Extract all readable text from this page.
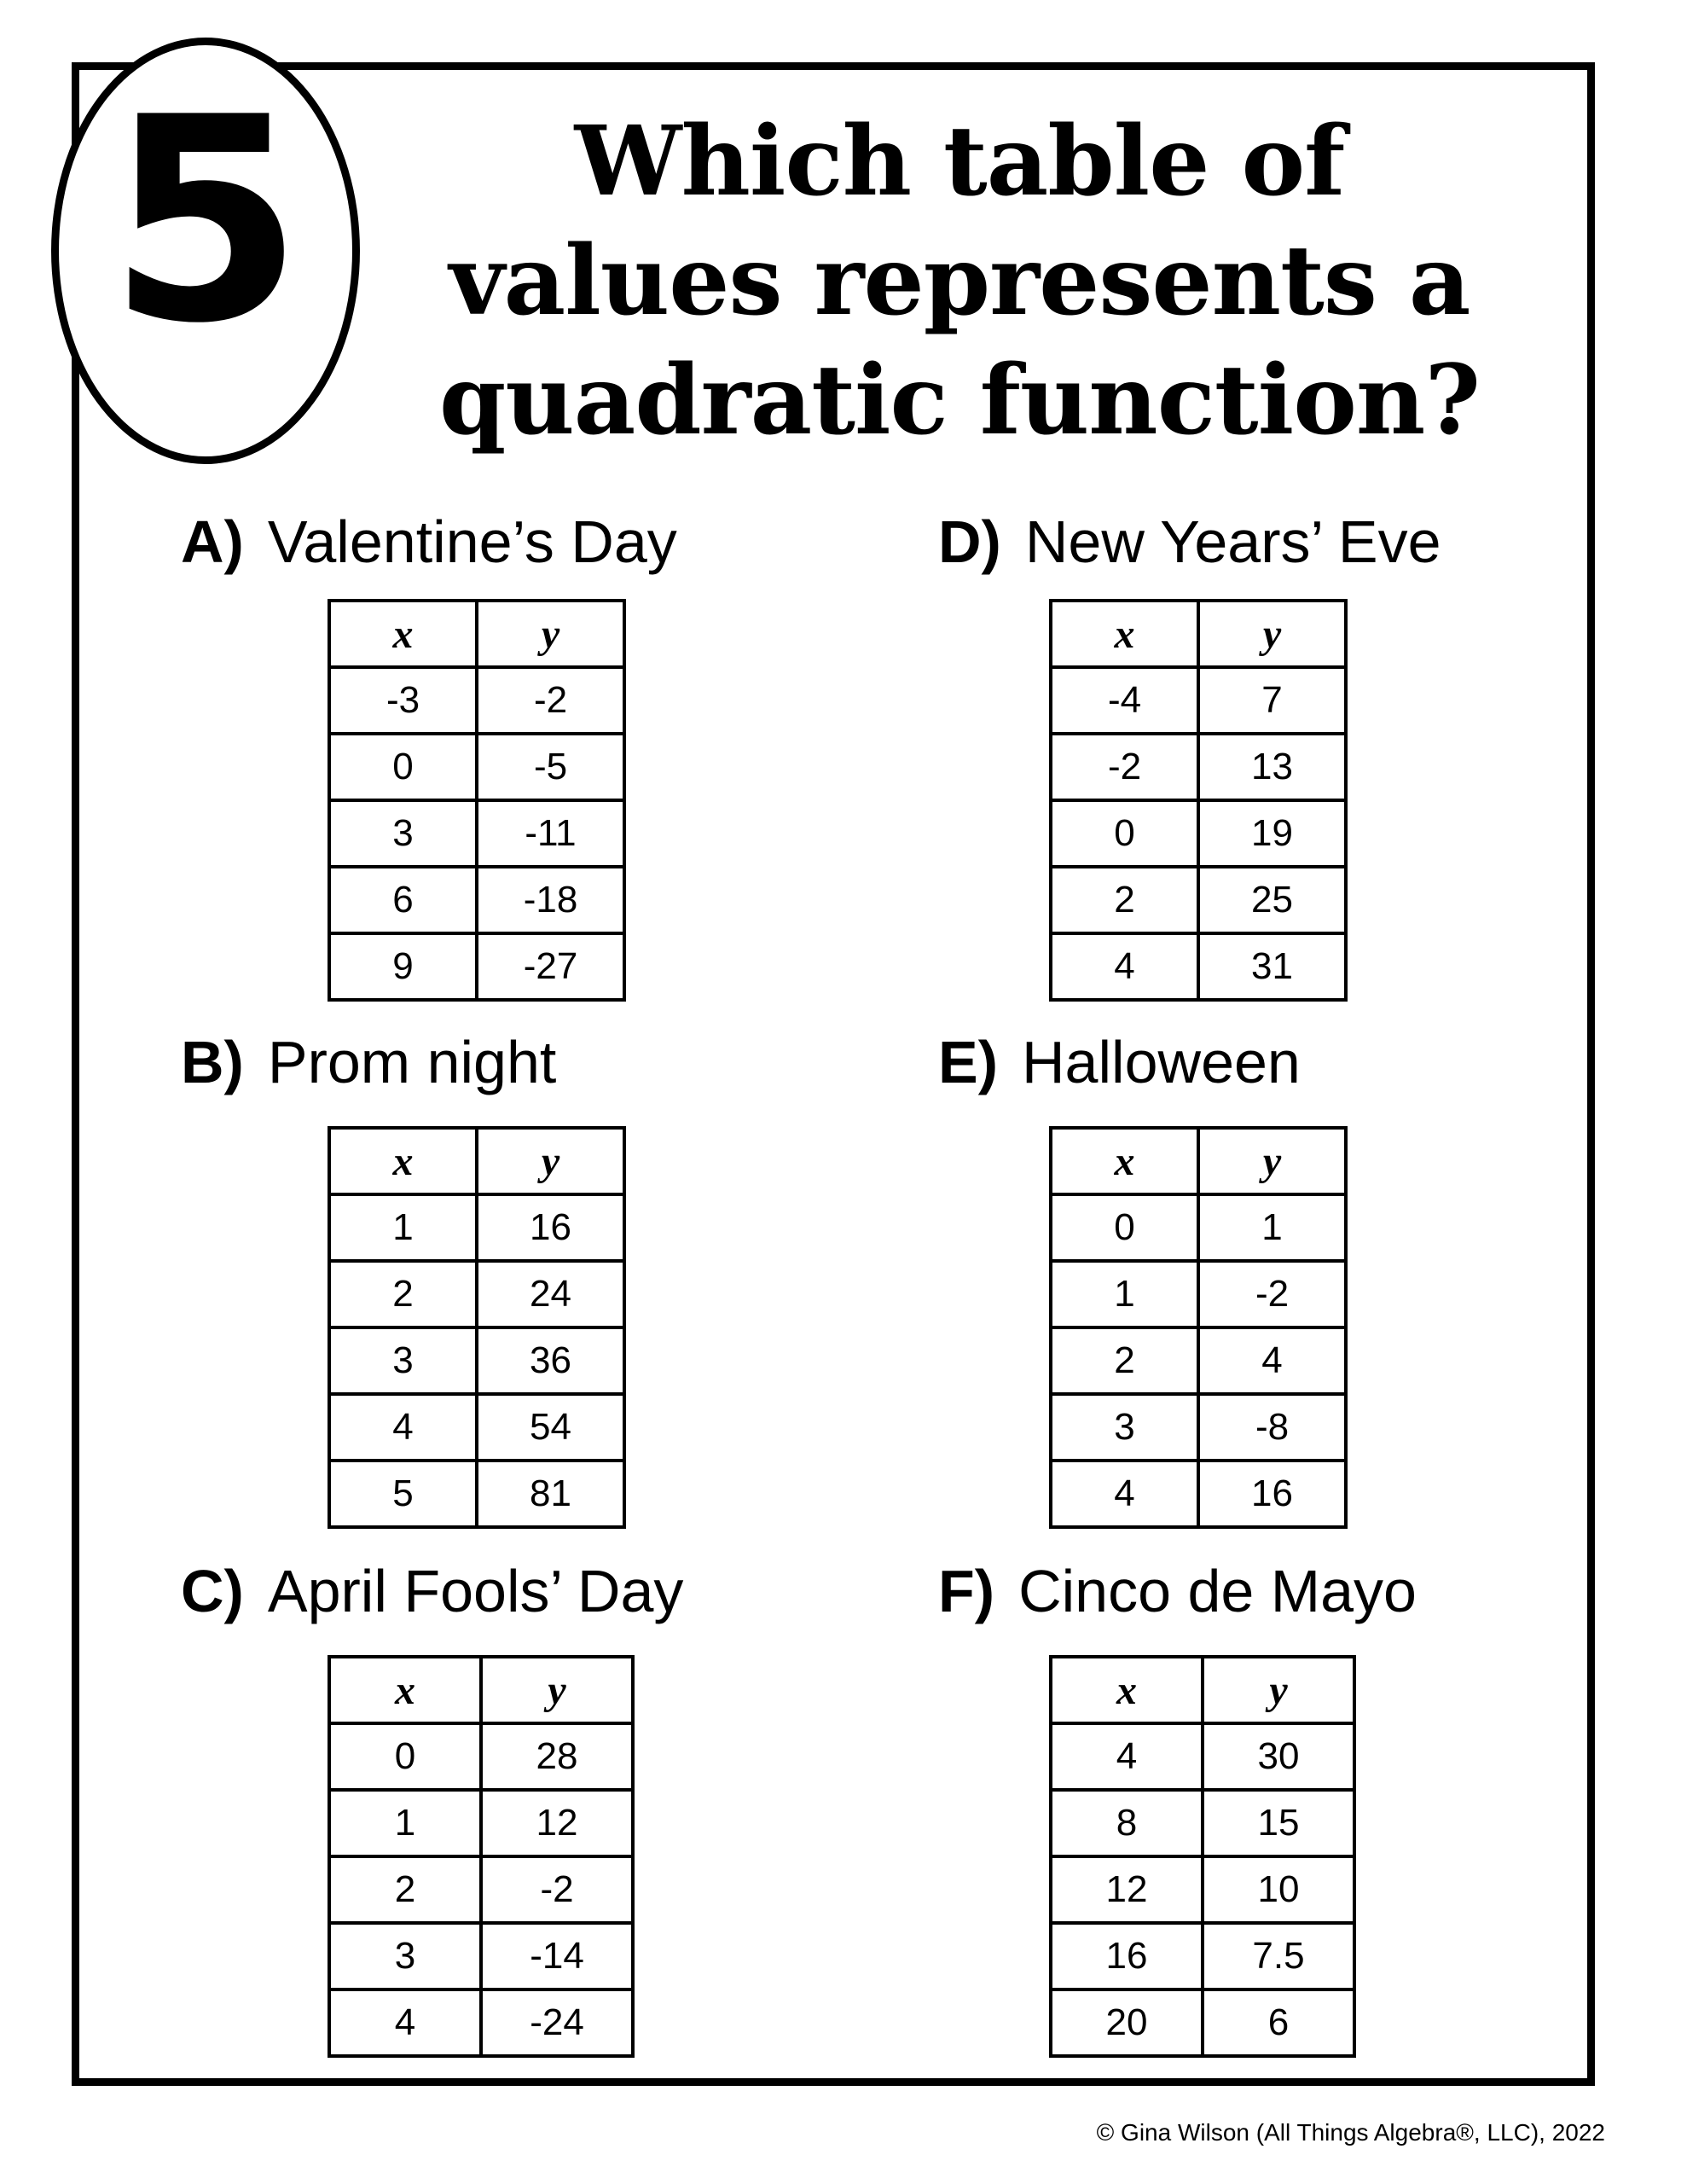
5	Which table of
values represents a
quadratic function?
A) Valentine’s Day
x	y
-3	-2
0	-5
3	-11
6	-18
9	-27
B) Prom night
x	y
1	16
2	24
3	36
4	54
5	81
C) April Fools’ Day
x	y
0	28
1	12
2	-2
3	-14
4	-24
D) New Years’ Eve
x	y
-4	7
-2	13
0	19
2	25
4	31
E) Halloween
x	y
0	1
1	-2
2	4
3	-8
4	16
F) Cinco de Mayo
x	y
4	30
8	15
12	10
16	7.5
20	6
© Gina Wilson (All Things Algebra®, LLC), 2022
